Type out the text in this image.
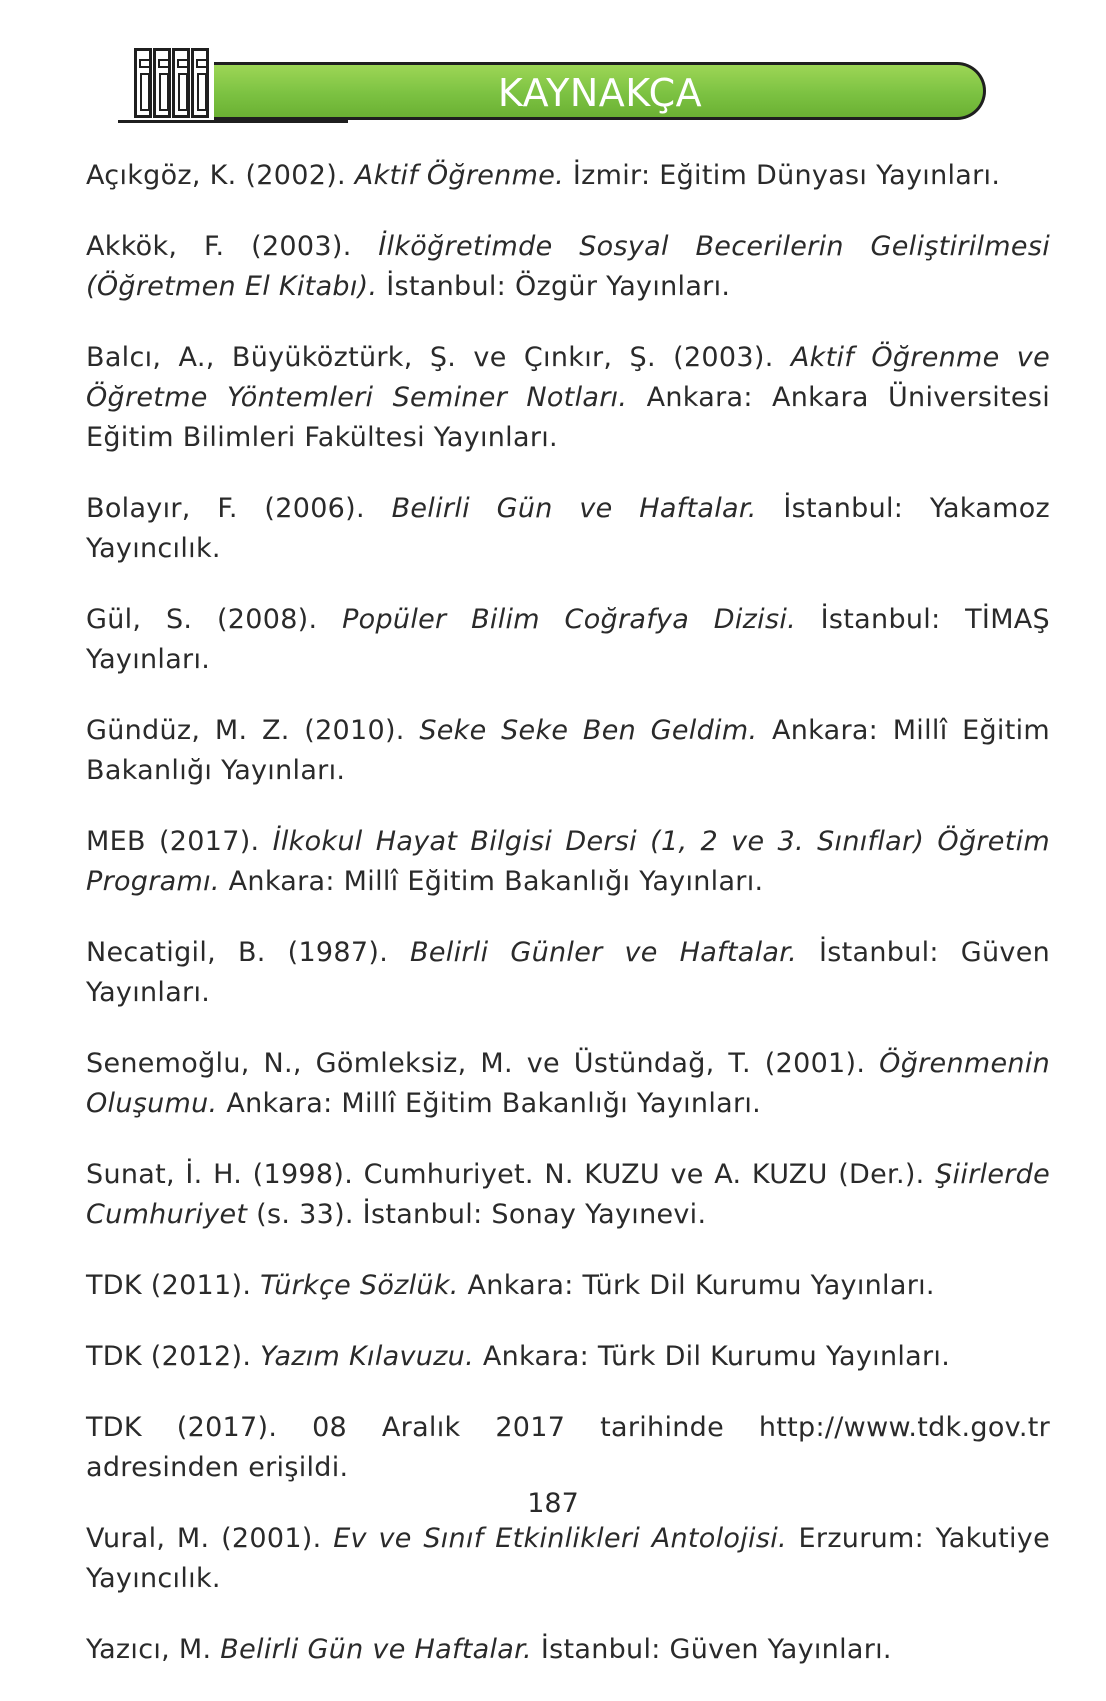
KAYNAKÇA
Açıkgöz, K. (2002). Aktif Öğrenme. İzmir: Eğitim Dünyası Yayınları.
Akkök, F. (2003). İlköğretimde Sosyal Becerilerin Geliştirilmesi (Öğretmen El Kitabı). İstanbul: Özgür Yayınları.
Balcı, A., Büyüköztürk, Ş. ve Çınkır, Ş. (2003). Aktif Öğrenme ve Öğretme Yöntemleri Seminer Notları. Ankara: Ankara Üniversitesi Eğitim Bilimleri Fakültesi Yayınları.
Bolayır, F. (2006). Belirli Gün ve Haftalar. İstanbul: Yakamoz Yayıncılık.
Gül, S. (2008). Popüler Bilim Coğrafya Dizisi. İstanbul: TİMAŞ Yayınları.
Gündüz, M. Z. (2010). Seke Seke Ben Geldim. Ankara: Millî Eğitim Bakanlığı Yayınları.
MEB (2017). İlkokul Hayat Bilgisi Dersi (1, 2 ve 3. Sınıflar) Öğretim Programı. Ankara: Millî Eğitim Bakanlığı Yayınları.
Necatigil, B. (1987). Belirli Günler ve Haftalar. İstanbul: Güven Yayınları.
Senemoğlu, N., Gömleksiz, M. ve Üstündağ, T. (2001). Öğrenmenin Oluşumu. Ankara: Millî Eğitim Bakanlığı Yayınları.
Sunat, İ. H. (1998). Cumhuriyet. N. KUZU ve A. KUZU (Der.). Şiirlerde Cumhuriyet (s. 33). İstanbul: Sonay Yayınevi.
TDK (2011). Türkçe Sözlük. Ankara: Türk Dil Kurumu Yayınları.
TDK (2012). Yazım Kılavuzu. Ankara: Türk Dil Kurumu Yayınları.
TDK (2017). 08 Aralık 2017 tarihinde http://www.tdk.gov.tr adresinden erişildi.
Vural, M. (2001). Ev ve Sınıf Etkinlikleri Antolojisi. Erzurum: Yakutiye Yayıncılık.
Yazıcı, M. Belirli Gün ve Haftalar. İstanbul: Güven Yayınları.
187
